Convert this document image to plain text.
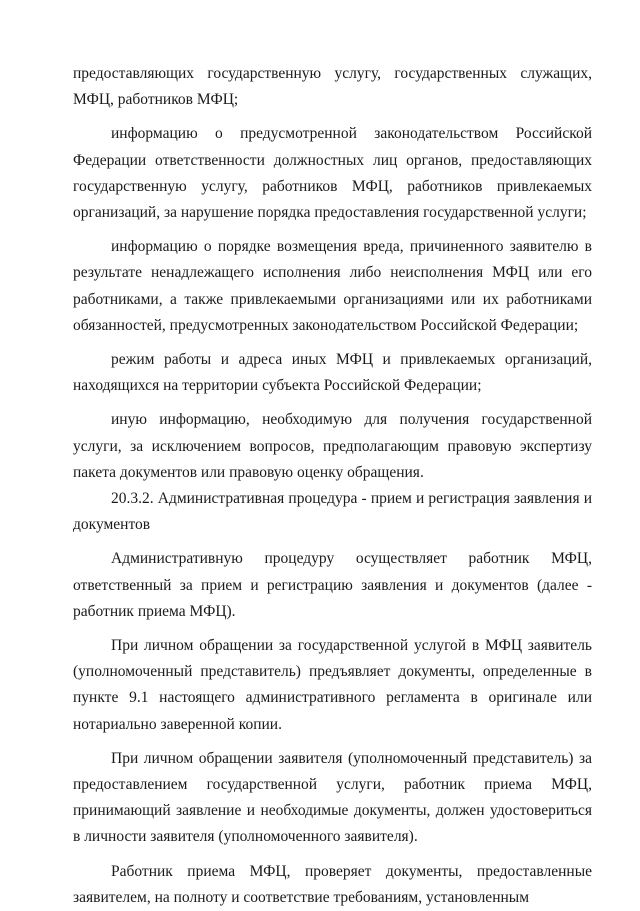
предоставляющих государственную услугу, государственных служащих, МФЦ, работников МФЦ;

информацию о предусмотренной законодательством Российской Федерации ответственности должностных лиц органов, предоставляющих государственную услугу, работников МФЦ, работников привлекаемых организаций, за нарушение порядка предоставления государственной услуги;

информацию о порядке возмещения вреда, причиненного заявителю в результате ненадлежащего исполнения либо неисполнения МФЦ или его работниками, а также привлекаемыми организациями или их работниками обязанностей, предусмотренных законодательством Российской Федерации;

режим работы и адреса иных МФЦ и привлекаемых организаций, находящихся на территории субъекта Российской Федерации;

иную информацию, необходимую для получения государственной услуги, за исключением вопросов, предполагающим правовую экспертизу пакета документов или правовую оценку обращения.

20.3.2. Административная процедура - прием и регистрация заявления и документов

Административную процедуру осуществляет работник МФЦ, ответственный за прием и регистрацию заявления и документов (далее - работник приема МФЦ).

При личном обращении за государственной услугой в МФЦ заявитель (уполномоченный представитель) предъявляет документы, определенные в пункте 9.1 настоящего административного регламента в оригинале или нотариально заверенной копии.

При личном обращении заявителя (уполномоченный представитель) за предоставлением государственной услуги, работник приема МФЦ, принимающий заявление и необходимые документы, должен удостовериться в личности заявителя (уполномоченного заявителя).

Работник приема МФЦ, проверяет документы, предоставленные заявителем, на полноту и соответствие требованиям, установленным
